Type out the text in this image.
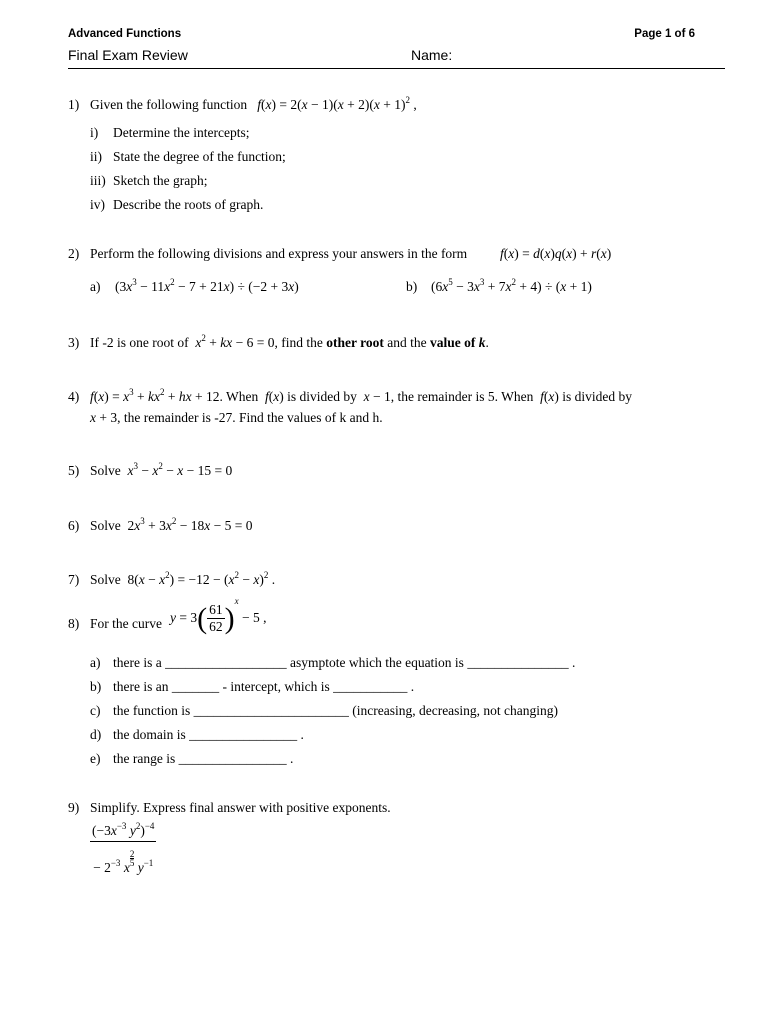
Advanced Functions	Page 1 of 6
Final Exam Review	Name:
1) Given the following function $f(x) = 2(x - 1)(x + 2)(x + 1)^2$ ,
i)	Determine the intercepts;
ii) State the degree of the function;
iii) Sketch the graph;
iv) Describe the roots of graph.
2) Perform the following divisions and express your answers in the form f(x) = d(x)q(x) + r(x)
a)	$(3x^3 - 11x^2 - 7 + 21x) \div (-2 + 3x)$	b)	$(6x^5 - 3x^3 + 7x^2 + 4) \div (x + 1)$
3) If -2 is one root of $x^2$ + kx − 6 = 0, find the other root and the value of k.
4) $f(x) = x^3 + kx^2$ + hx + 12. When f(x) is divided by x − 1, the remainder is 5. When f(x) is divided by
x + 3, the remainder is -27. Find the values of k and h.
5) Solve $x^3 - x^2 - x - 15 = 0$
6) Solve  $2x^3 + 3x^2 - 18x - 5 = 0$
7) Solve  $8(x - x^2) = -12 - (x^2 - x)^2$ .
8) For the curve $y = 3( \frac{61}{62} )^x - 5$ ,
a) there is a __________________ asymptote which the equation is _______________ .
b) there is an _______ - intercept, which is ___________ .
c) the function is _______________________ (increasing, decreasing, not changing)
d) the domain is ________________ .
e) the range is ________________ .
9) Simplify. Express final answer with positive exponents.
($-3x^{-3}$ $y^2)^{-4}$
− $2^{-3}$ x
$\frac{2}{5}$
$y^{-1}$
